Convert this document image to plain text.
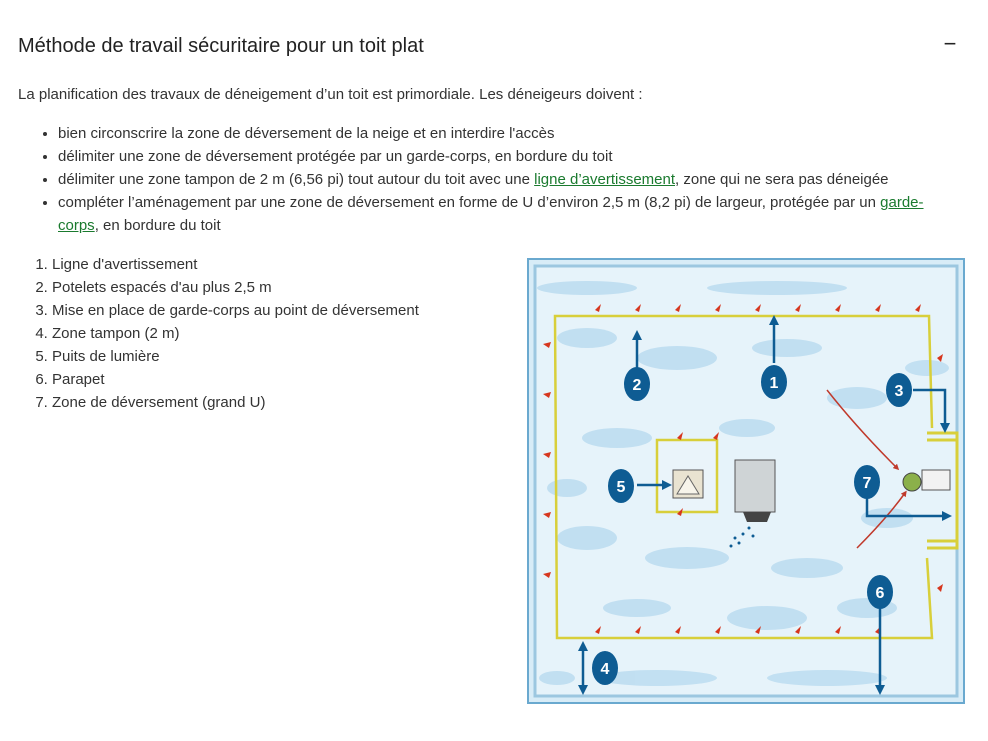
Méthode de travail sécuritaire pour un toit plat	−

La planification des travaux de déneigement d’un toit est primordiale. Les déneigeurs doivent :

• bien circonscrire la zone de déversement de la neige et en interdire l'accès
• délimiter une zone de déversement protégée par un garde-corps, en bordure du toit
• délimiter une zone tampon de 2 m (6,56 pi) tout autour du toit avec une ligne d’avertissement, zone qui ne sera pas déneigée
• compléter l’aménagement par une zone de déversement en forme de U d’environ 2,5 m (8,2 pi) de largeur, protégée par un garde-corps, en bordure du toit
1. Ligne d'avertissement
2. Potelets espacés d'au plus 2,5 m
3. Mise en place de garde-corps au point de déversement
4. Zone tampon (2 m)
5. Puits de lumière
6. Parapet
7. Zone de déversement (grand U)
1
2	3
4
5
6
7
